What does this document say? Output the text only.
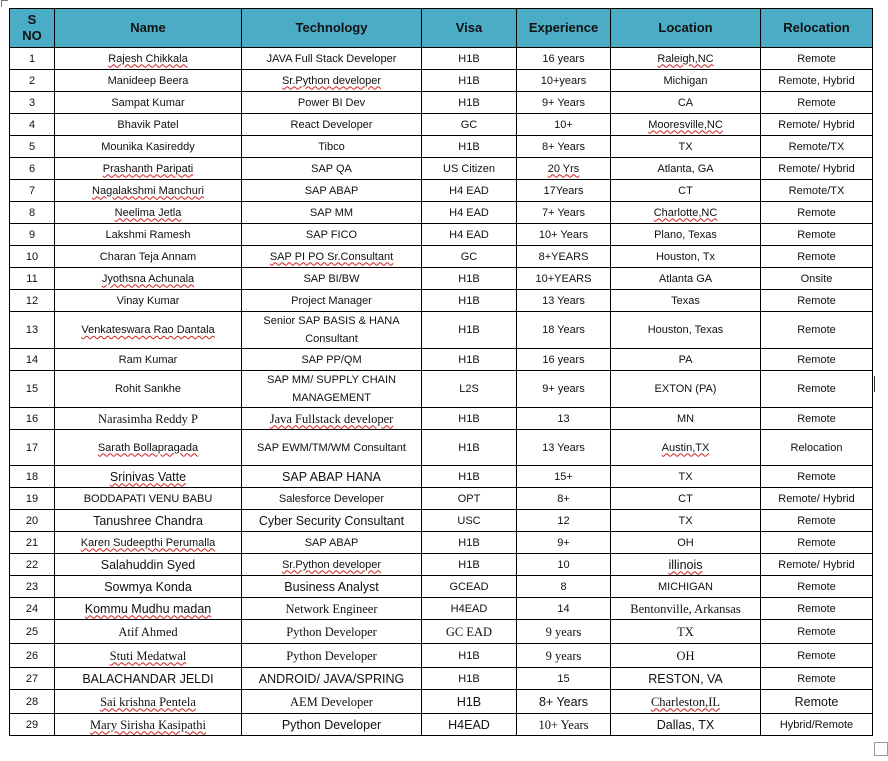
S NO	Name	Technology	Visa	Experience	Location	Relocation
1	Rajesh Chikkala	JAVA Full Stack Developer	H1B	16 years	Raleigh,NC	Remote
2	Manideep Beera	Sr.Python developer	H1B	10+years	Michigan	Remote, Hybrid
3	Sampat Kumar	Power BI Dev	H1B	9+ Years	CA	Remote
4	Bhavik Patel	React Developer	GC	10+	Mooresville,NC	Remote/ Hybrid
5	Mounika Kasireddy	Tibco	H1B	8+ Years	TX	Remote/TX
6	Prashanth Paripati	SAP QA	US Citizen	20 Yrs	Atlanta, GA	Remote/ Hybrid
7	Nagalakshmi Manchuri	SAP ABAP	H4 EAD	17Years	CT	Remote/TX
8	Neelima Jetla	SAP MM	H4 EAD	7+ Years	Charlotte,NC	Remote
9	Lakshmi Ramesh	SAP FICO	H4 EAD	10+ Years	Plano, Texas	Remote
10	Charan Teja Annam	SAP PI PO Sr.Consultant	GC	8+YEARS	Houston, Tx	Remote
11	Jyothsna Achunala	SAP BI/BW	H1B	10+YEARS	Atlanta GA	Onsite
12	Vinay Kumar	Project Manager	H1B	13 Years	Texas	Remote
13	Venkateswara Rao Dantala	Senior SAP BASIS & HANA Consultant	H1B	18 Years	Houston, Texas	Remote
14	Ram Kumar	SAP PP/QM	H1B	16 years	PA	Remote
15	Rohit Sankhe	SAP MM/ SUPPLY CHAIN MANAGEMENT	L2S	9+ years	EXTON (PA)	Remote
16	Narasimha Reddy P	Java Fullstack developer	H1B	13	MN	Remote
17	Sarath Bollapragada	SAP EWM/TM/WM Consultant	H1B	13 Years	Austin,TX	Relocation
18	Srinivas Vatte	SAP ABAP HANA	H1B	15+	TX	Remote
19	BODDAPATI VENU BABU	Salesforce Developer	OPT	8+	CT	Remote/ Hybrid
20	Tanushree Chandra	Cyber Security Consultant	USC	12	TX	Remote
21	Karen Sudeepthi Perumalla	SAP ABAP	H1B	9+	OH	Remote
22	Salahuddin Syed	Sr.Python developer	H1B	10	illinois	Remote/ Hybrid
23	Sowmya Konda	Business Analyst	GCEAD	8	MICHIGAN	Remote
24	Kommu Mudhu madan	Network Engineer	H4EAD	14	Bentonville, Arkansas	Remote
25	Atif Ahmed	Python Developer	GC EAD	9 years	TX	Remote
26	Stuti Medatwal	Python Developer	H1B	9 years	OH	Remote
27	BALACHANDAR JELDI	ANDROID/ JAVA/SPRING	H1B	15	RESTON, VA	Remote
28	Sai krishna Pentela	AEM Developer	H1B	8+ Years	Charleston,IL	Remote
29	Mary Sirisha Kasipathi	Python Developer	H4EAD	10+ Years	Dallas, TX	Hybrid/Remote
